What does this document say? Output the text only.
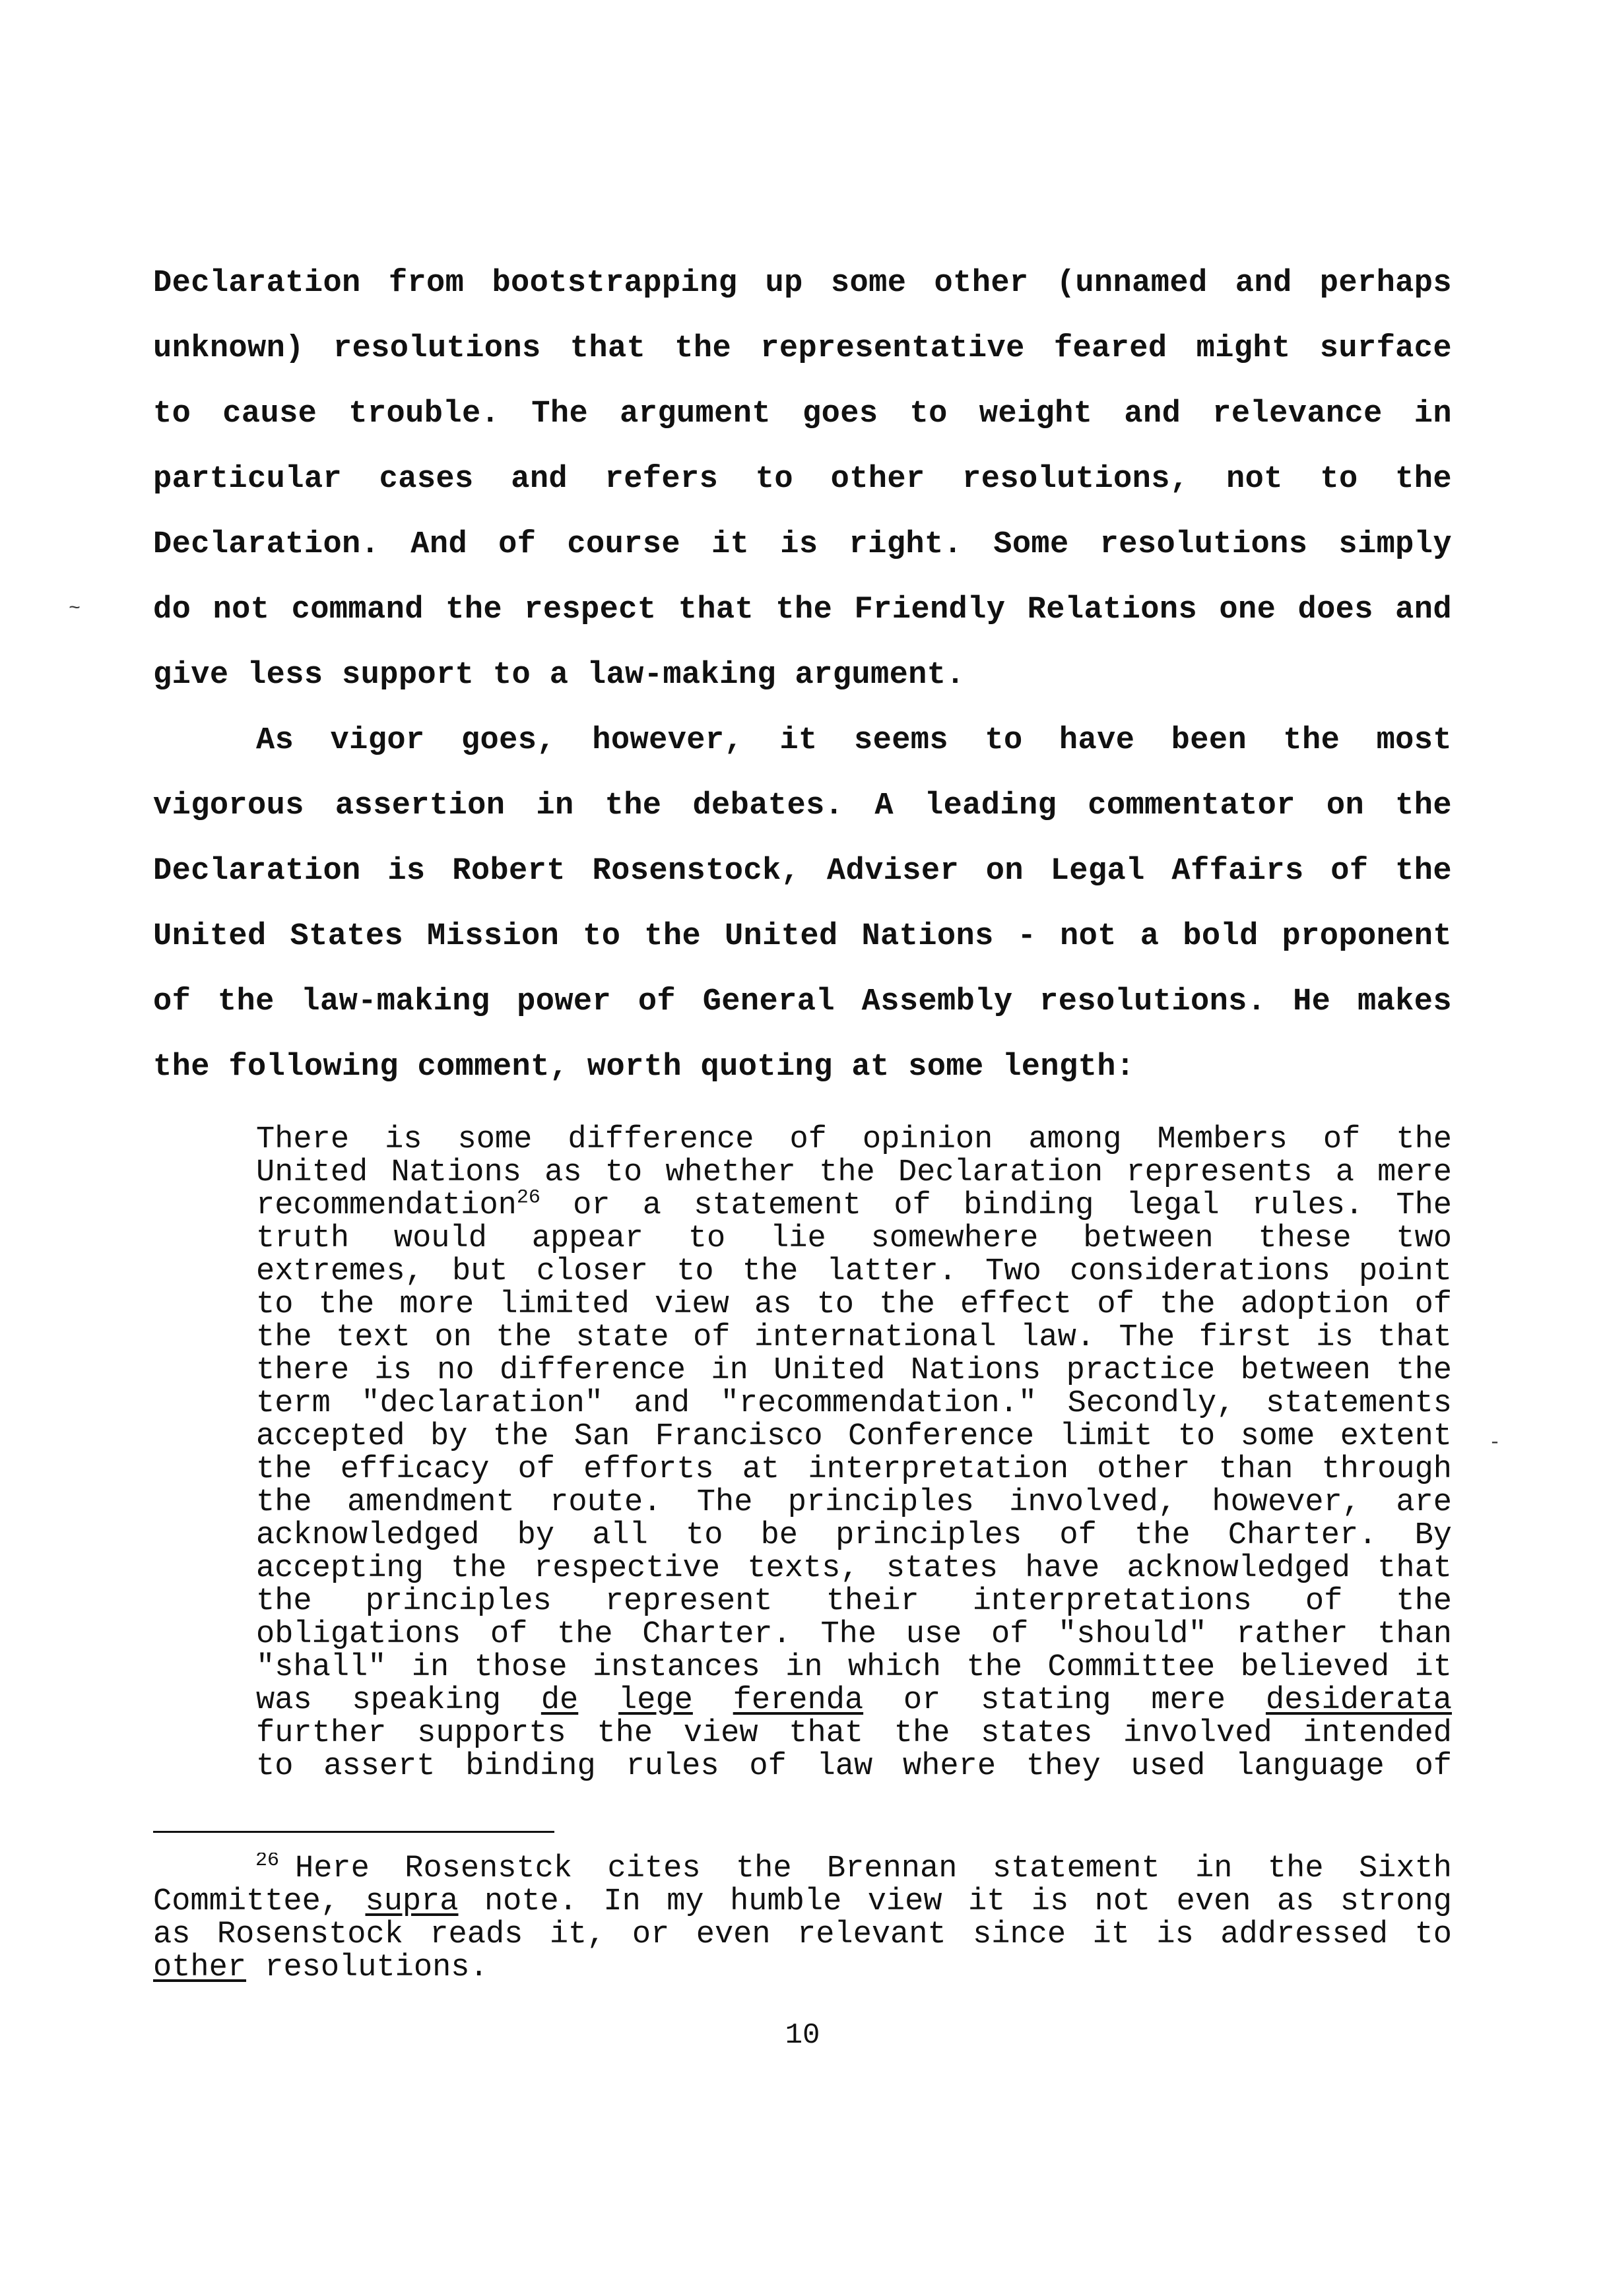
Declaration from bootstrapping up some other (unnamed and perhaps
unknown) resolutions that the representative feared might surface
to cause trouble. The argument goes to weight and relevance in
particular cases and refers to other resolutions, not to the
Declaration. And of course it is right. Some resolutions simply
do not command the respect that the Friendly Relations one does and
give less support to a law-making argument.
As vigor goes, however, it seems to have been the most
vigorous assertion in the debates. A leading commentator on the
Declaration is Robert Rosenstock, Adviser on Legal Affairs of the
United States Mission to the United Nations - not a bold proponent
of the law-making power of General Assembly resolutions. He makes
the following comment, worth quoting at some length:
There is some difference of opinion among Members of the
United Nations as to whether the Declaration represents a mere
recommendation$^{26}$ or a statement of binding legal rules. The
truth would appear to lie somewhere between these two
extremes, but closer to the latter. Two considerations point
to the more limited view as to the effect of the adoption of
the text on the state of international law. The first is that
there is no difference in United Nations practice between the
term "declaration" and "recommendation." Secondly, statements
accepted by the San Francisco Conference limit to some extent
the efficacy of efforts at interpretation other than through
the amendment route. The principles involved, however, are
acknowledged by all to be principles of the Charter. By
accepting the respective texts, states have acknowledged that
the principles represent their interpretations of the
obligations of the Charter. The use of "should" rather than
"shall" in those instances in which the Committee believed it
was speaking de lege ferenda or stating mere desiderata
further supports the view that the states involved intended
to assert binding rules of law where they used language of
$^{26}$ Here Rosenstck cites the Brennan statement in the Sixth
Committee, supra note. In my humble view it is not even as strong
as Rosenstock reads it, or even relevant since it is addressed to
other resolutions.
10
~
-
